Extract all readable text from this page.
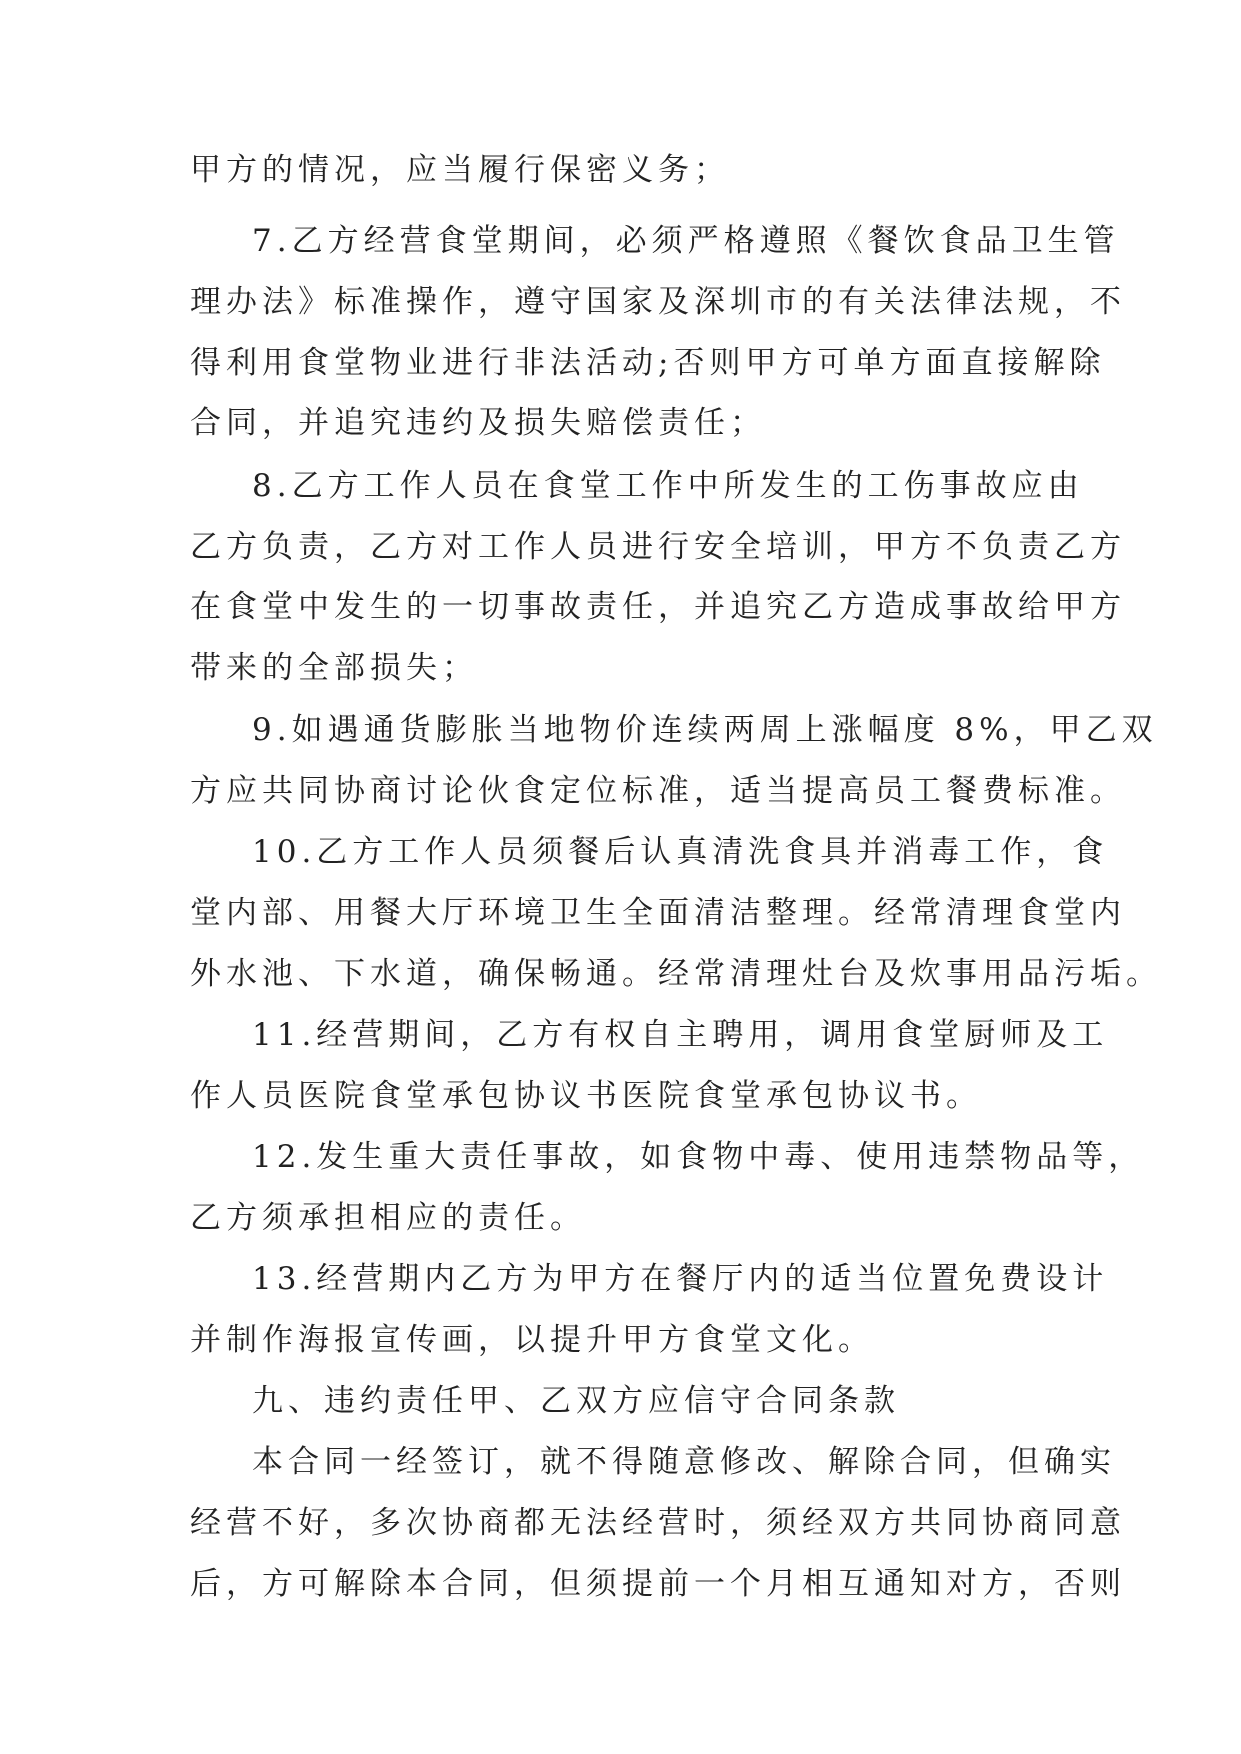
甲方的情况，应当履行保密义务；
7.乙方经营食堂期间，必须严格遵照《餐饮食品卫生管
理办法》标准操作，遵守国家及深圳市的有关法律法规，不
得利用食堂物业进行非法活动;否则甲方可单方面直接解除
合同，并追究违约及损失赔偿责任；
8.乙方工作人员在食堂工作中所发生的工伤事故应由
乙方负责，乙方对工作人员进行安全培训，甲方不负责乙方
在食堂中发生的一切事故责任，并追究乙方造成事故给甲方
带来的全部损失；
9.如遇通货膨胀当地物价连续两周上涨幅度 8%，甲乙双
方应共同协商讨论伙食定位标准，适当提高员工餐费标准。
10.乙方工作人员须餐后认真清洗食具并消毒工作，食
堂内部、用餐大厅环境卫生全面清洁整理。经常清理食堂内
外水池、下水道，确保畅通。经常清理灶台及炊事用品污垢。
11.经营期间，乙方有权自主聘用，调用食堂厨师及工
作人员医院食堂承包协议书医院食堂承包协议书。
12.发生重大责任事故，如食物中毒、使用违禁物品等，
乙方须承担相应的责任。
13.经营期内乙方为甲方在餐厅内的适当位置免费设计
并制作海报宣传画，以提升甲方食堂文化。
九、违约责任甲、乙双方应信守合同条款
本合同一经签订，就不得随意修改、解除合同，但确实
经营不好，多次协商都无法经营时，须经双方共同协商同意
后，方可解除本合同，但须提前一个月相互通知对方，否则
